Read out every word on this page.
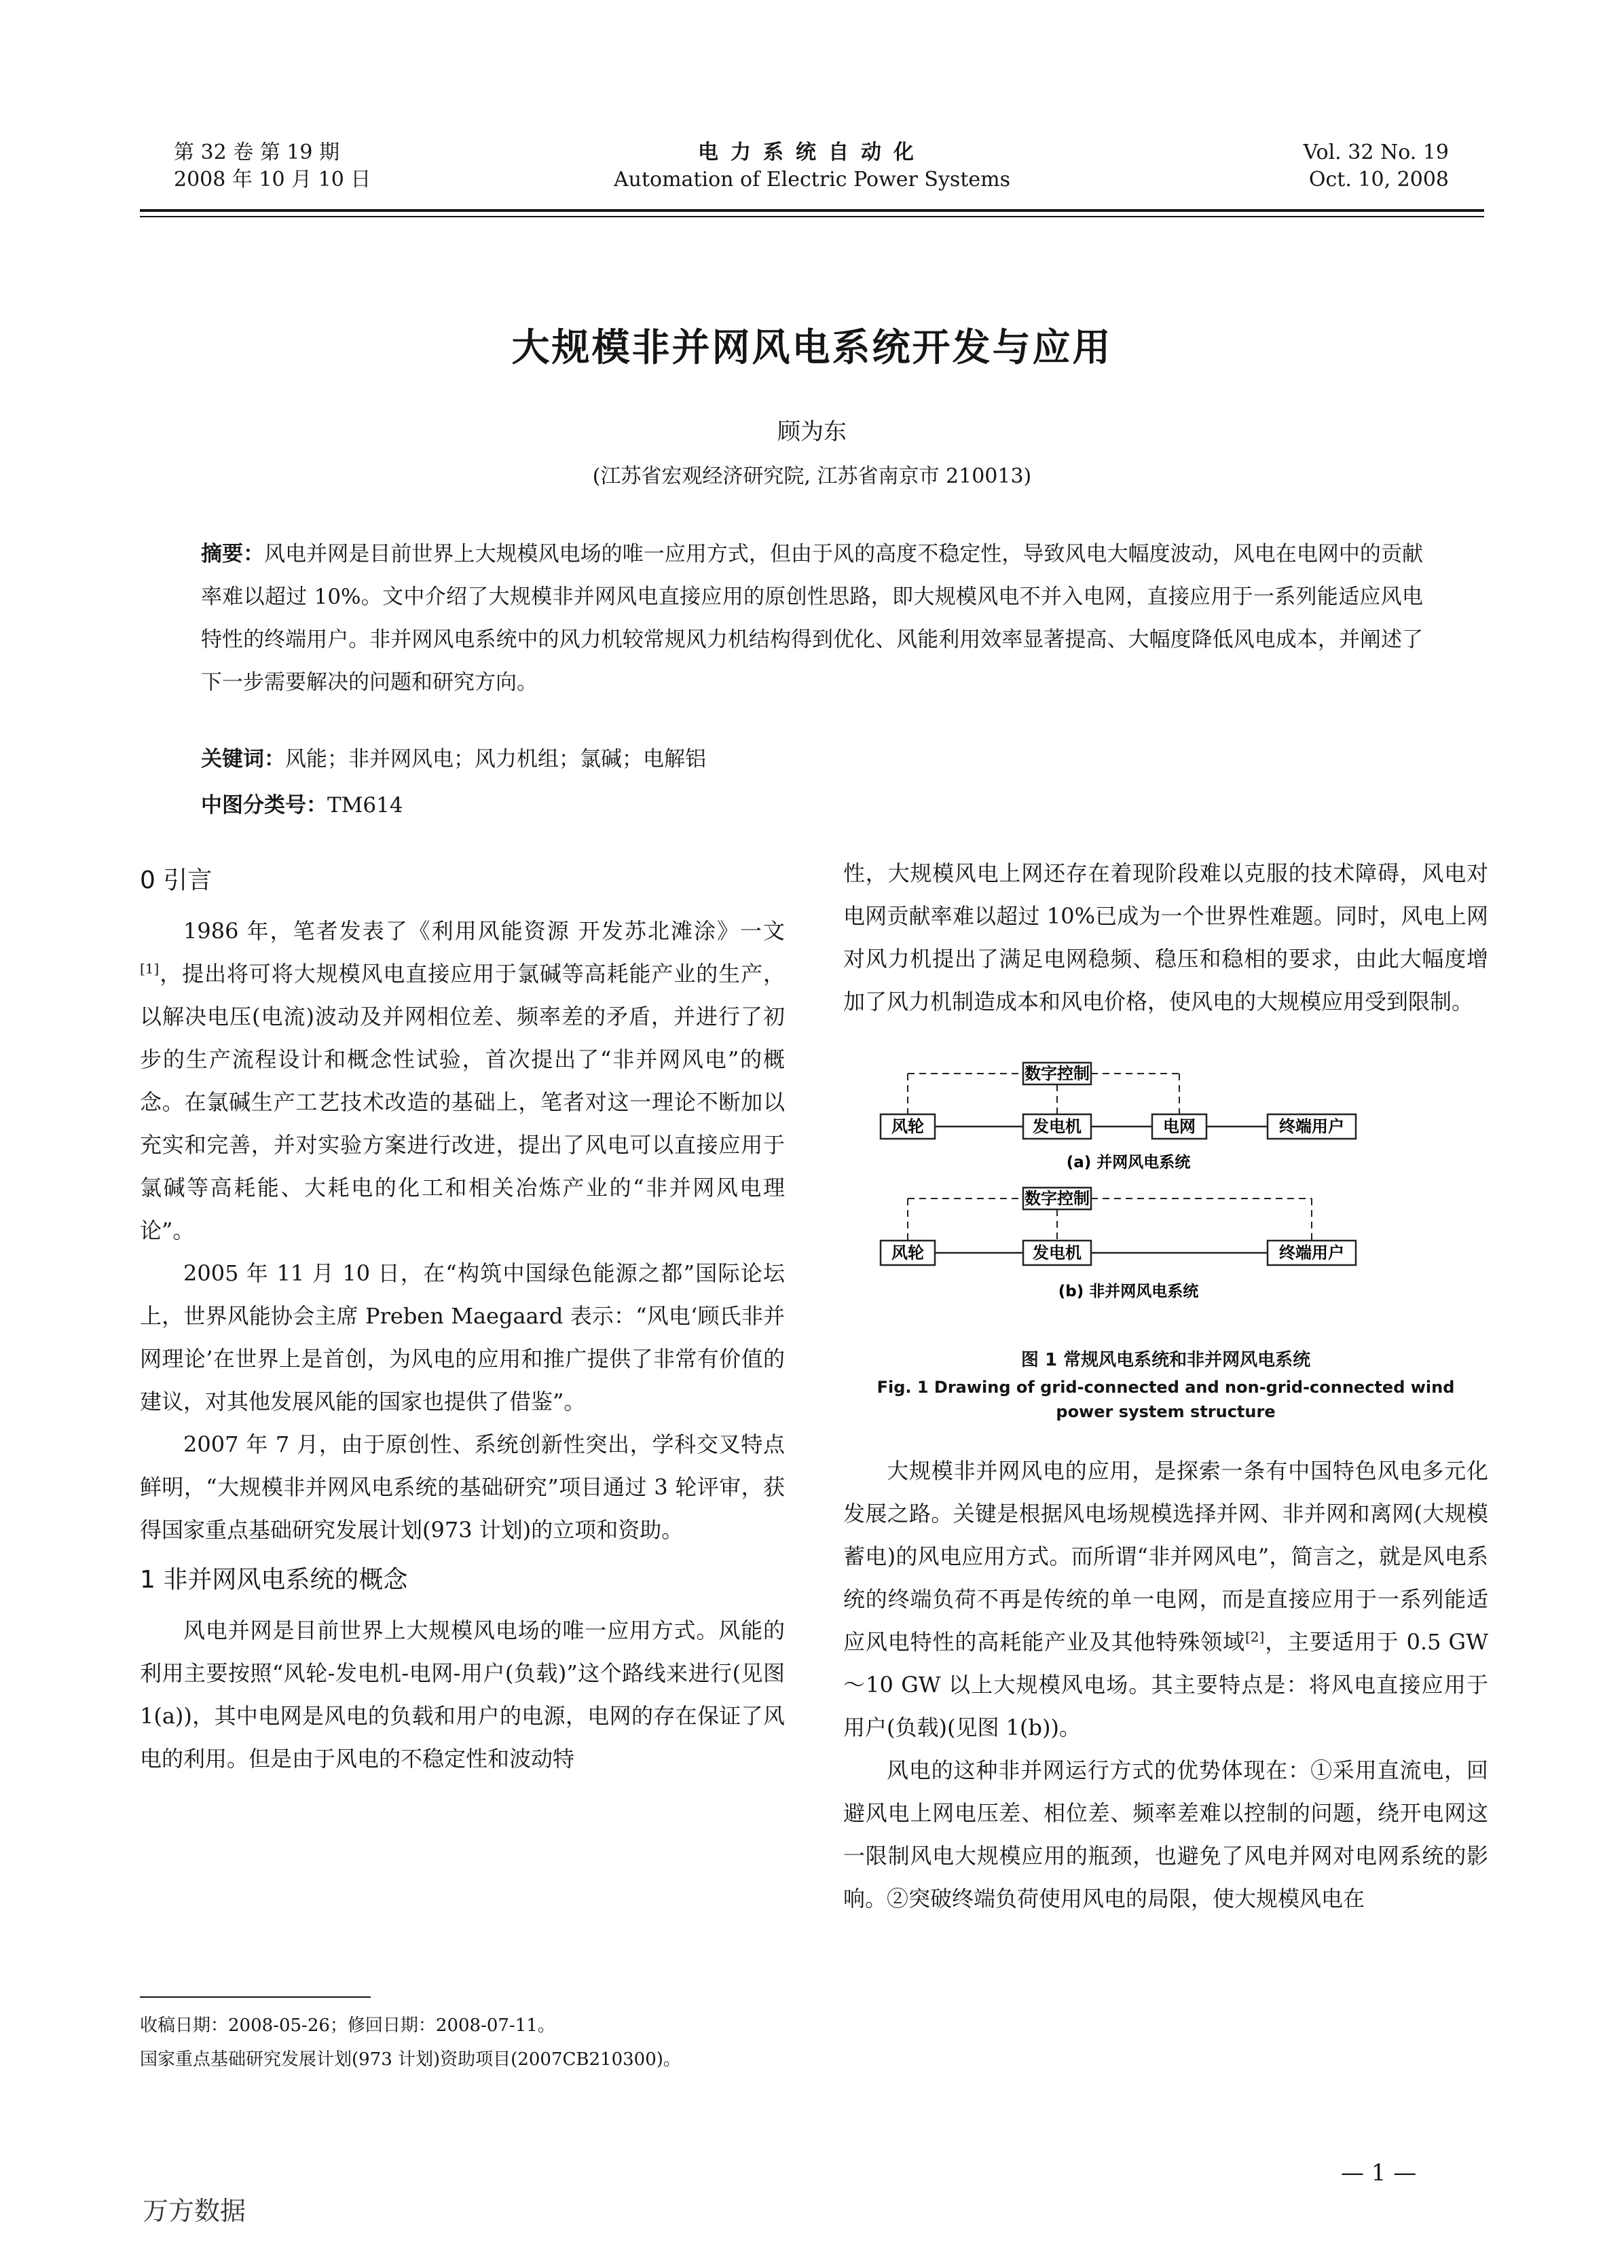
第 32 卷 第 19 期
2008 年 10 月 10 日
电力系统自动化
Automation of Electric Power Systems
Vol. 32 No. 19
Oct. 10, 2008
大规模非并网风电系统开发与应用
顾为东
(江苏省宏观经济研究院, 江苏省南京市 210013)
摘要：风电并网是目前世界上大规模风电场的唯一应用方式，但由于风的高度不稳定性，导致风电大幅度波动，风电在电网中的贡献率难以超过 10%。文中介绍了大规模非并网风电直接应用的原创性思路，即大规模风电不并入电网，直接应用于一系列能适应风电特性的终端用户。非并网风电系统中的风力机较常规风力机结构得到优化、风能利用效率显著提高、大幅度降低风电成本，并阐述了下一步需要解决的问题和研究方向。
关键词：风能；非并网风电；风力机组；氯碱；电解铝
中图分类号：TM614
0 引言

1986 年，笔者发表了《利用风能资源 开发苏北滩涂》一文[1]，提出将可将大规模风电直接应用于氯碱等高耗能产业的生产，以解决电压(电流)波动及并网相位差、频率差的矛盾，并进行了初步的生产流程设计和概念性试验，首次提出了“非并网风电”的概念。在氯碱生产工艺技术改造的基础上，笔者对这一理论不断加以充实和完善，并对实验方案进行改进，提出了风电可以直接应用于氯碱等高耗能、大耗电的化工和相关冶炼产业的“非并网风电理论”。

2005 年 11 月 10 日，在“构筑中国绿色能源之都”国际论坛上，世界风能协会主席 Preben Maegaard 表示：“风电‘顾氏非并网理论’在世界上是首创，为风电的应用和推广提供了非常有价值的建议，对其他发展风能的国家也提供了借鉴”。

2007 年 7 月，由于原创性、系统创新性突出，学科交叉特点鲜明，“大规模非并网风电系统的基础研究”项目通过 3 轮评审，获得国家重点基础研究发展计划(973 计划)的立项和资助。

1 非并网风电系统的概念

风电并网是目前世界上大规模风电场的唯一应用方式。风能的利用主要按照“风轮-发电机-电网-用户(负载)”这个路线来进行(见图 1(a))，其中电网是风电的负载和用户的电源，电网的存在保证了风电的利用。但是由于风电的不稳定性和波动特

性，大规模风电上网还存在着现阶段难以克服的技术障碍，风电对电网贡献率难以超过 10%已成为一个世界性难题。同时，风电上网对风力机提出了满足电网稳频、稳压和稳相的要求，由此大幅度增加了风力机制造成本和风电价格，使风电的大规模应用受到限制。

数字控制
风轮	发电机	电网	终端用户
(a) 并网风电系统
数字控制
风轮	发电机	终端用户
(b) 非并网风电系统
图 1 常规风电系统和非并网风电系统
Fig. 1 Drawing of grid-connected and non-grid-connected wind power system structure

大规模非并网风电的应用，是探索一条有中国特色风电多元化发展之路。关键是根据风电场规模选择并网、非并网和离网(大规模蓄电)的风电应用方式。而所谓“非并网风电”，简言之，就是风电系统的终端负荷不再是传统的单一电网，而是直接应用于一系列能适应风电特性的高耗能产业及其他特殊领域[2]，主要适用于 0.5 GW～10 GW 以上大规模风电场。其主要特点是：将风电直接应用于用户(负载)(见图 1(b))。

风电的这种非并网运行方式的优势体现在：①采用直流电，回避风电上网电压差、相位差、频率差难以控制的问题，绕开电网这一限制风电大规模应用的瓶颈，也避免了风电并网对电网系统的影响。②突破终端负荷使用风电的局限，使大规模风电在

收稿日期：2008-05-26；修回日期：2008-07-11。
国家重点基础研究发展计划(973 计划)资助项目(2007CB210300)。
— 1 —
万方数据
